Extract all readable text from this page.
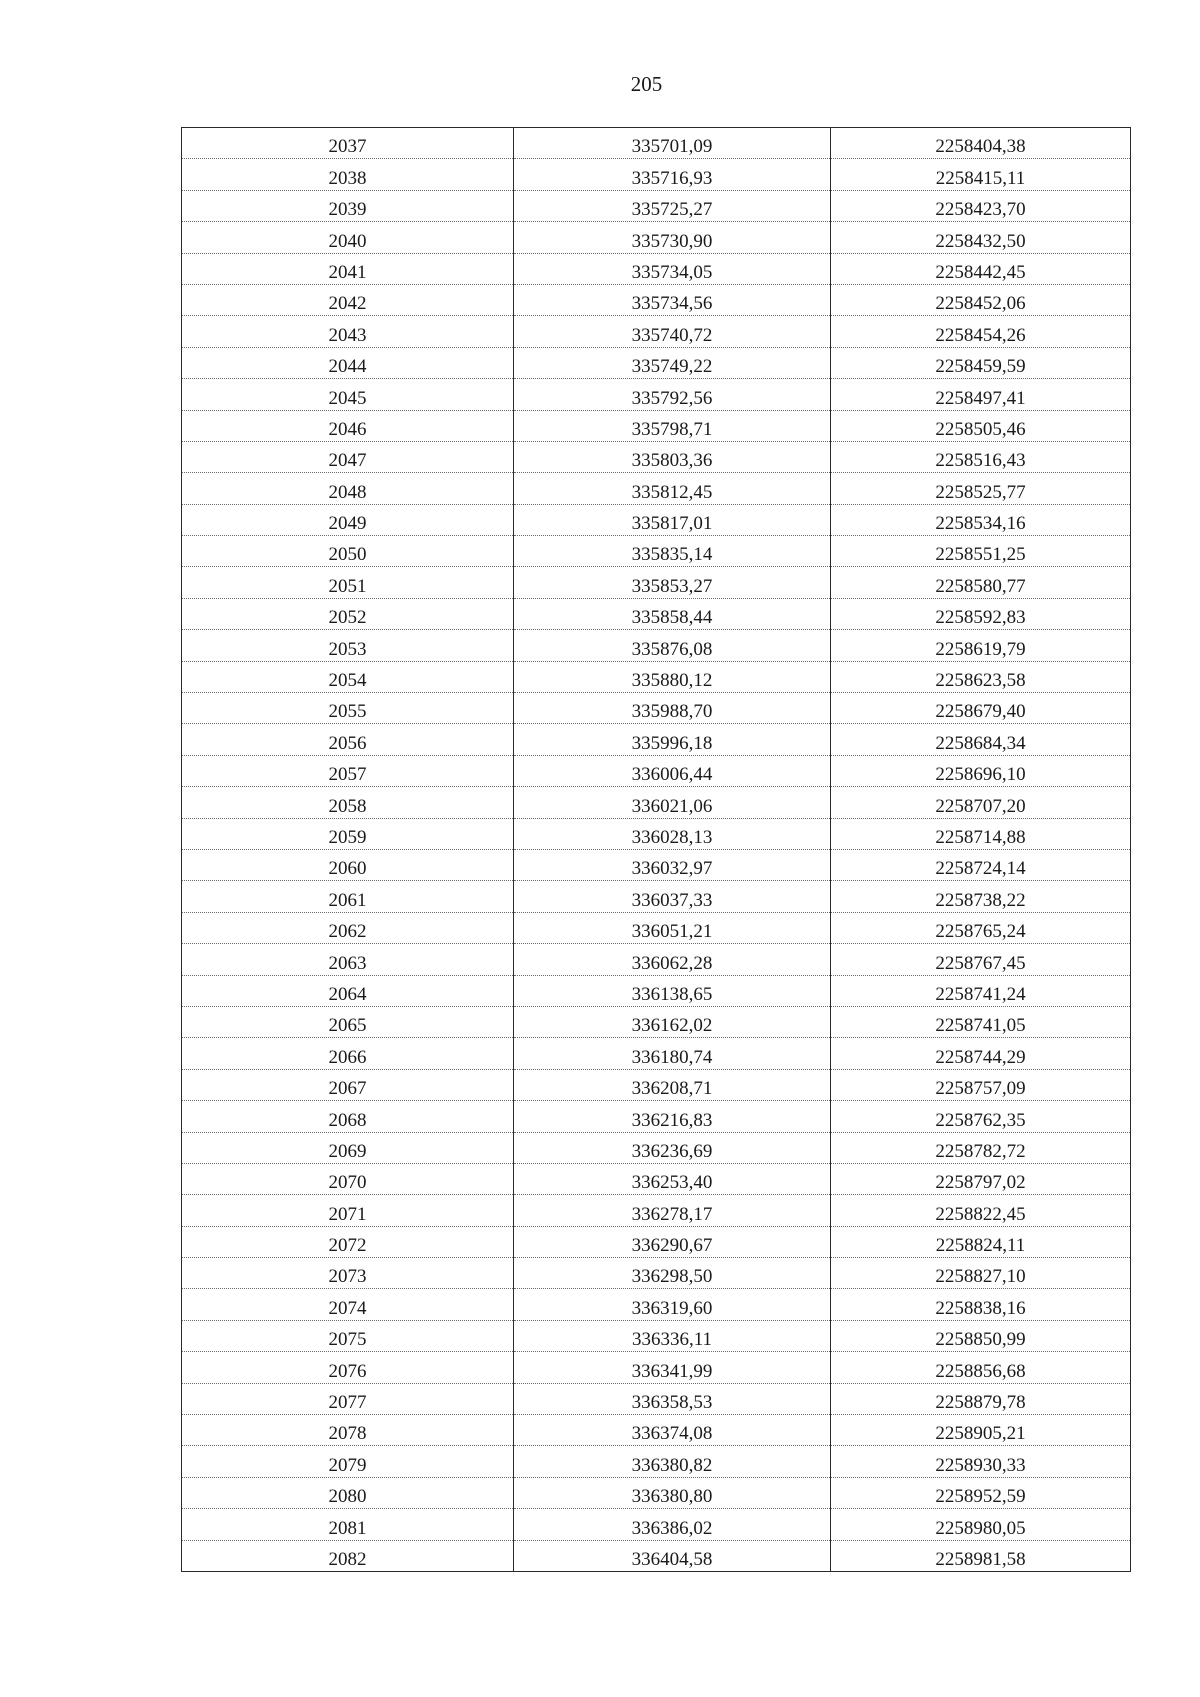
205
2037	335701,09	2258404,38
2038	335716,93	2258415,11
2039	335725,27	2258423,70
2040	335730,90	2258432,50
2041	335734,05	2258442,45
2042	335734,56	2258452,06
2043	335740,72	2258454,26
2044	335749,22	2258459,59
2045	335792,56	2258497,41
2046	335798,71	2258505,46
2047	335803,36	2258516,43
2048	335812,45	2258525,77
2049	335817,01	2258534,16
2050	335835,14	2258551,25
2051	335853,27	2258580,77
2052	335858,44	2258592,83
2053	335876,08	2258619,79
2054	335880,12	2258623,58
2055	335988,70	2258679,40
2056	335996,18	2258684,34
2057	336006,44	2258696,10
2058	336021,06	2258707,20
2059	336028,13	2258714,88
2060	336032,97	2258724,14
2061	336037,33	2258738,22
2062	336051,21	2258765,24
2063	336062,28	2258767,45
2064	336138,65	2258741,24
2065	336162,02	2258741,05
2066	336180,74	2258744,29
2067	336208,71	2258757,09
2068	336216,83	2258762,35
2069	336236,69	2258782,72
2070	336253,40	2258797,02
2071	336278,17	2258822,45
2072	336290,67	2258824,11
2073	336298,50	2258827,10
2074	336319,60	2258838,16
2075	336336,11	2258850,99
2076	336341,99	2258856,68
2077	336358,53	2258879,78
2078	336374,08	2258905,21
2079	336380,82	2258930,33
2080	336380,80	2258952,59
2081	336386,02	2258980,05
2082	336404,58	2258981,58
